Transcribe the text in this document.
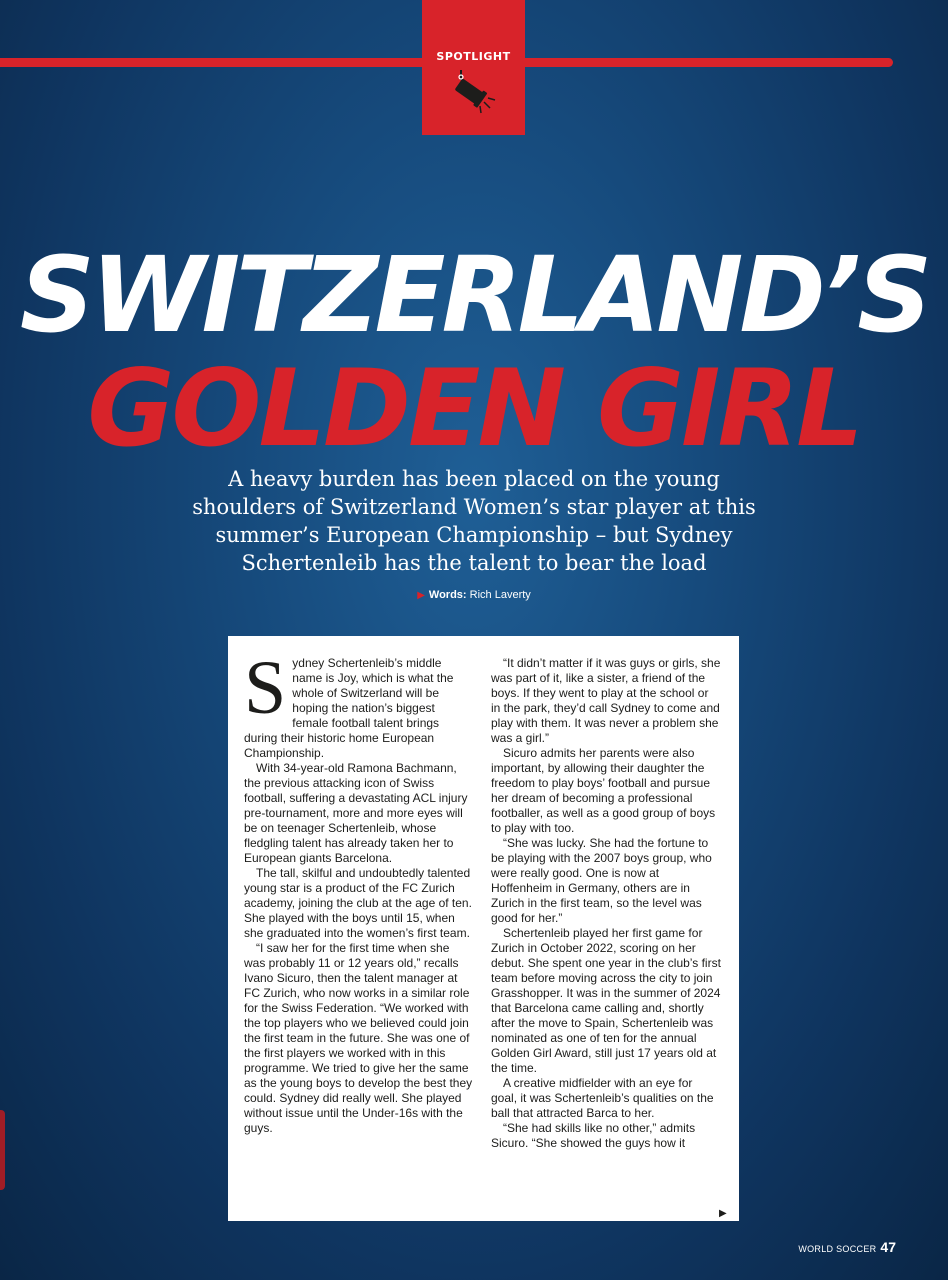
SPOTLIGHT
SWITZERLAND’S
GOLDEN GIRL
A heavy burden has been placed on the young
shoulders of Switzerland Women’s star player at this
summer’s European Championship – but Sydney
Schertenleib has the talent to bear the load
▶ Words: Rich Laverty

Sydney Schertenleib’s middle name is Joy, which is what the whole of Switzerland will be hoping the nation’s biggest female football talent brings during their historic home European Championship.

With 34-year-old Ramona Bachmann, the previous attacking icon of Swiss football, suffering a devastating ACL injury pre-tournament, more and more eyes will be on teenager Schertenleib, whose fledgling talent has already taken her to European giants Barcelona.

The tall, skilful and undoubtedly talented young star is a product of the FC Zurich academy, joining the club at the age of ten. She played with the boys until 15, when she graduated into the women’s first team.

“I saw her for the first time when she was probably 11 or 12 years old,” recalls Ivano Sicuro, then the talent manager at FC Zurich, who now works in a similar role for the Swiss Federation. “We worked with the top players who we believed could join the first team in the future. She was one of the first players we worked with in this programme. We tried to give her the same as the young boys to develop the best they could. Sydney did really well. She played without issue until the Under-16s with the guys.

“It didn’t matter if it was guys or girls, she was part of it, like a sister, a friend of the boys. If they went to play at the school or in the park, they’d call Sydney to come and play with them. It was never a problem she was a girl.”

Sicuro admits her parents were also important, by allowing their daughter the freedom to play boys’ football and pursue her dream of becoming a professional footballer, as well as a good group of boys to play with too.

“She was lucky. She had the fortune to be playing with the 2007 boys group, who were really good. One is now at Hoffenheim in Germany, others are in Zurich in the first team, so the level was good for her.”

Schertenleib played her first game for Zurich in October 2022, scoring on her debut. She spent one year in the club’s first team before moving across the city to join Grasshopper. It was in the summer of 2024 that Barcelona came calling and, shortly after the move to Spain, Schertenleib was nominated as one of ten for the annual Golden Girl Award, still just 17 years old at the time.

A creative midfielder with an eye for goal, it was Schertenleib’s qualities on the ball that attracted Barca to her.

“She had skills like no other,” admits Sicuro. “She showed the guys how it

▶
WORLD SOCCER 47
